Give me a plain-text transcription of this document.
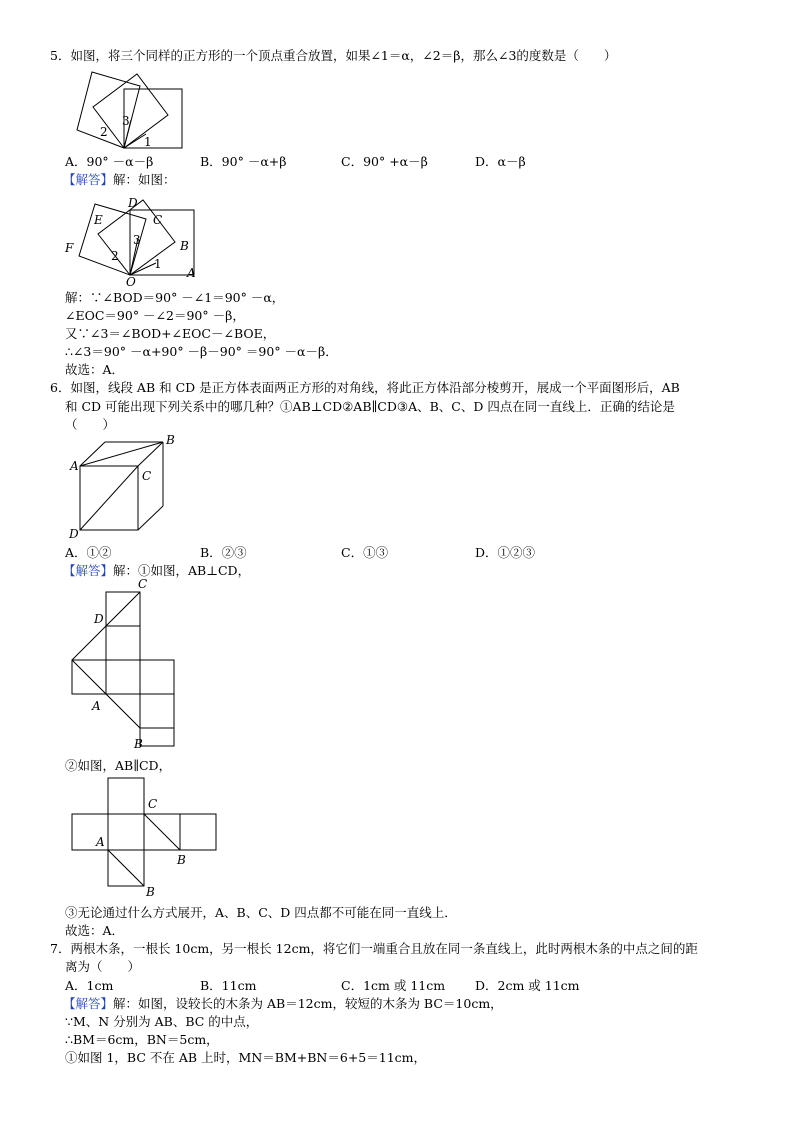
5．如图，将三个同样的正方形的一个顶点重合放置，如果∠1＝α，∠2＝β，那么∠3的度数是（　　）
3
2
1
A．90° －α－β	B．90° －α+β	C．90° +α－β	D．α－β
【解答】解：如图：
D
C
E
F	B
3
2
1
O
A
解：∵∠BOD＝90° －∠1＝90° －α，
∠EOC＝90° －∠2＝90° －β，
又∵∠3＝∠BOD+∠EOC－∠BOE，
∴∠3＝90° －α+90° －β－90° ＝90° －α－β．
故选：A．
6．如图，线段 AB 和 CD 是正方体表面两正方形的对角线，将此正方体沿部分棱剪开，展成一个平面图形后，AB
和 CD 可能出现下列关系中的哪几种？①AB⊥CD②AB∥CD③A、B、C、D 四点在同一直线上．正确的结论是
（　　）
A
B
C
D
A．①②	B．②③	C．①③	D．①②③
【解答】解：①如图，AB⊥CD，
C
D
A
B
②如图，AB∥CD，
C
A
B
B
③无论通过什么方式展开，A、B、C、D 四点都不可能在同一直线上．
故选：A．
7．两根木条，一根长 10cm，另一根长 12cm，将它们一端重合且放在同一条直线上，此时两根木条的中点之间的距
离为（　　）
A．1cm	B．11cm	C．1cm 或 11cm D．2cm 或 11cm
【解答】解：如图，设较长的木条为 AB＝12cm，较短的木条为 BC＝10cm，
∵M、N 分别为 AB、BC 的中点，
∴BM＝6cm，BN＝5cm，
①如图 1，BC 不在 AB 上时，MN＝BM+BN＝6+5＝11cm，
